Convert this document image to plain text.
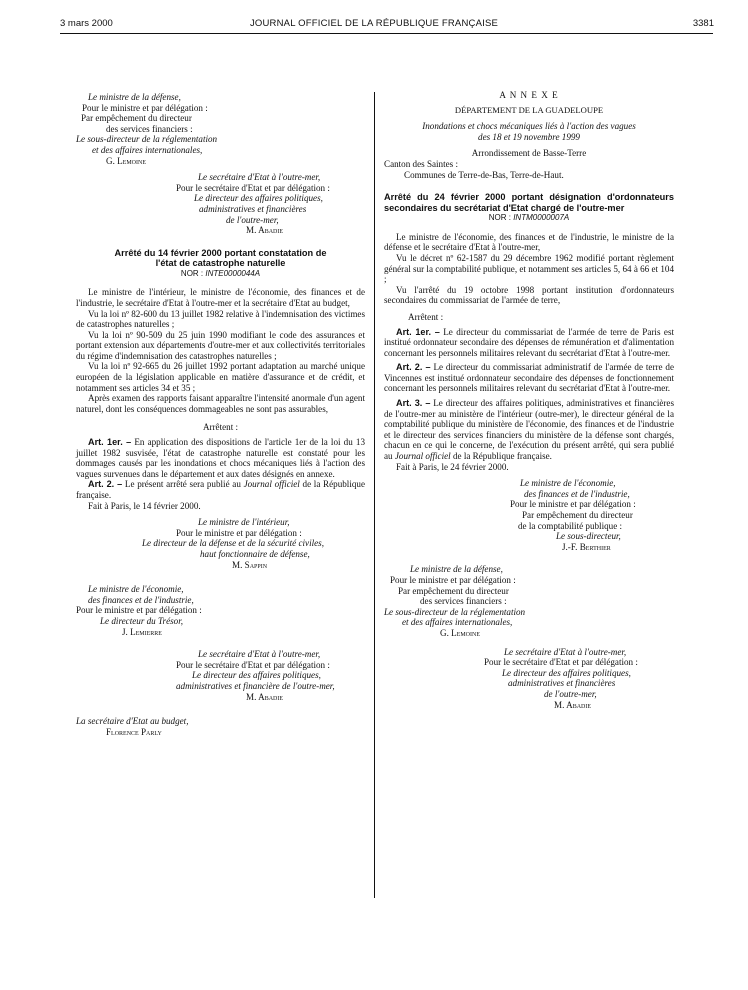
3 mars 2000	JOURNAL OFFICIEL DE LA RÉPUBLIQUE FRANÇAISE	3381
Le ministre de la défense,
Pour le ministre et par délégation :
Par empêchement du directeur
des services financiers :
Le sous-directeur de la réglementation
et des affaires internationales,
G. Lemoine
Le secrétaire d'Etat à l'outre-mer,
Pour le secrétaire d'Etat et par délégation :
Le directeur des affaires politiques,
administratives et financières
de l'outre-mer,
M. Abadie
Arrêté du 14 février 2000 portant constatation de l'état de catastrophe naturelle
NOR : INTE0000044A

Le ministre de l'intérieur, le ministre de l'économie, des finances et de l'industrie, le secrétaire d'Etat à l'outre-mer et la secrétaire d'Etat au budget,

Vu la loi nº 82-600 du 13 juillet 1982 relative à l'indemnisation des victimes de catastrophes naturelles ;

Vu la loi nº 90-509 du 25 juin 1990 modifiant le code des assurances et portant extension aux départements d'outre-mer et aux collectivités territoriales du régime d'indemnisation des catastrophes naturelles ;

Vu la loi nº 92-665 du 26 juillet 1992 portant adaptation au marché unique européen de la législation applicable en matière d'assurance et de crédit, et notamment ses articles 34 et 35 ;

Après examen des rapports faisant apparaître l'intensité anormale d'un agent naturel, dont les conséquences dommageables ne sont pas assurables,

Arrêtent :

Art. 1er. – En application des dispositions de l'article 1er de la loi du 13 juillet 1982 susvisée, l'état de catastrophe naturelle est constaté pour les dommages causés par les inondations et chocs mécaniques liés à l'action des vagues survenues dans le département et aux dates désignés en annexe.

Art. 2. – Le présent arrêté sera publié au Journal officiel de la République française.

Fait à Paris, le 14 février 2000.

Le ministre de l'intérieur,
Pour le ministre et par délégation :
Le directeur de la défense et de la sécurité civiles,
haut fonctionnaire de défense,
M. Sappin
Le ministre de l'économie,
des finances et de l'industrie,
Pour le ministre et par délégation :
Le directeur du Trésor,
J. Lemierre
Le secrétaire d'Etat à l'outre-mer,
Pour le secrétaire d'Etat et par délégation :
Le directeur des affaires politiques,
administratives et financière de l'outre-mer,
M. Abadie
La secrétaire d'Etat au budget,
Florence Parly

A N N E X E

DÉPARTEMENT DE LA GUADELOUPE

Inondations et chocs mécaniques liés à l'action des vagues

des 18 et 19 novembre 1999

Arrondissement de Basse-Terre

Canton des Saintes :

Communes de Terre-de-Bas, Terre-de-Haut.

Arrêté du 24 février 2000 portant désignation d'ordonnateurs secondaires du secrétariat d'Etat chargé de l'outre-mer
NOR : INTM0000007A

Le ministre de l'économie, des finances et de l'industrie, le ministre de la défense et le secrétaire d'Etat à l'outre-mer,

Vu le décret nº 62-1587 du 29 décembre 1962 modifié portant règlement général sur la comptabilité publique, et notamment ses articles 5, 64 à 66 et 104 ;

Vu l'arrêté du 19 octobre 1998 portant institution d'ordonnateurs secondaires du commissariat de l'armée de terre,

Arrêtent :

Art. 1er. – Le directeur du commissariat de l'armée de terre de Paris est institué ordonnateur secondaire des dépenses de rémunération et d'alimentation concernant les personnels militaires relevant du secrétariat d'Etat à l'outre-mer.

Art. 2. – Le directeur du commissariat administratif de l'armée de terre de Vincennes est institué ordonnateur secondaire des dépenses de fonctionnement concernant les personnels militaires relevant du secrétariat d'Etat à l'outre-mer.

Art. 3. – Le directeur des affaires politiques, administratives et financières de l'outre-mer au ministère de l'intérieur (outre-mer), le directeur général de la comptabilité publique du ministère de l'économie, des finances et de l'industrie et le directeur des services financiers du ministère de la défense sont chargés, chacun en ce qui le concerne, de l'exécution du présent arrêté, qui sera publié au Journal officiel de la République française.

Fait à Paris, le 24 février 2000.

Le ministre de l'économie,
des finances et de l'industrie,
Pour le ministre et par délégation :
Par empêchement du directeur
de la comptabilité publique :
Le sous-directeur,
J.-F. Berthier
Le ministre de la défense,
Pour le ministre et par délégation :
Par empêchement du directeur
des services financiers :
Le sous-directeur de la réglementation
et des affaires internationales,
G. Lemoine
Le secrétaire d'Etat à l'outre-mer,
Pour le secrétaire d'Etat et par délégation :
Le directeur des affaires politiques,
administratives et financières
de l'outre-mer,
M. Abadie
